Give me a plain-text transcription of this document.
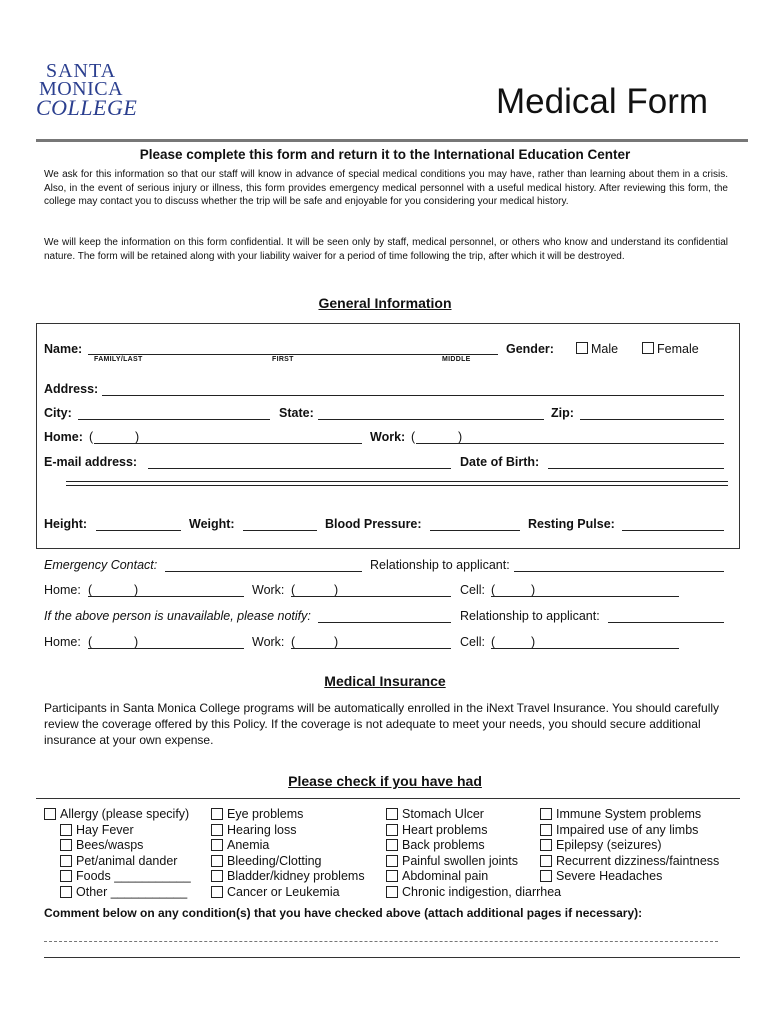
SANTA
MONICA
COLLEGE	Medical Form
Please complete this form and return it to the International Education Center
We ask for this information so that our staff will know in advance of special medical conditions you may have, rather than learning about them in a crisis. Also, in the event of serious injury or illness, this form provides emergency medical personnel with a useful medical history. After reviewing this form, the college may contact you to discuss whether the trip will be safe and enjoyable for you considering your medical history.
We will keep the information on this form confidential. It will be seen only by staff, medical personnel, or others who know and understand its confidential nature. The form will be retained along with your liability waiver for a period of time following the trip, after which it will be destroyed.
General Information
Name:
FAMILY/LAST	FIRST	MIDDLE
Gender:	Male	Female
Address:
City:	State:	Zip:
Home: (	)	Work: (	)
E-mail address:	Date of Birth:
Height:	Weight:	Blood Pressure:	Resting Pulse:
Emergency Contact:	Relationship to applicant:
Home: (	)	Work: (	)	Cell: (	)
If the above person is unavailable, please notify:	Relationship to applicant:
Home: (	)	Work: (	)	Cell: (	)
Medical Insurance
Participants in Santa Monica College programs will be automatically enrolled in the iNext Travel Insurance. You should carefully review the coverage offered by this Policy. If the coverage is not adequate to meet your needs, you should secure additional insurance at your own expense.
Please check if you have had
Allergy (please specify)
Hay Fever
Bees/wasps
Pet/animal dander
Foods ___________
Other ___________
Eye problems
Hearing loss
Anemia
Bleeding/Clotting
Bladder/kidney problems
Cancer or Leukemia
Stomach Ulcer
Heart problems
Back problems
Painful swollen joints
Abdominal pain
Chronic indigestion, diarrhea
Immune System problems
Impaired use of any limbs
Epilepsy (seizures)
Recurrent dizziness/faintness
Severe Headaches
Comment below on any condition(s) that you have checked above (attach additional pages if necessary):
